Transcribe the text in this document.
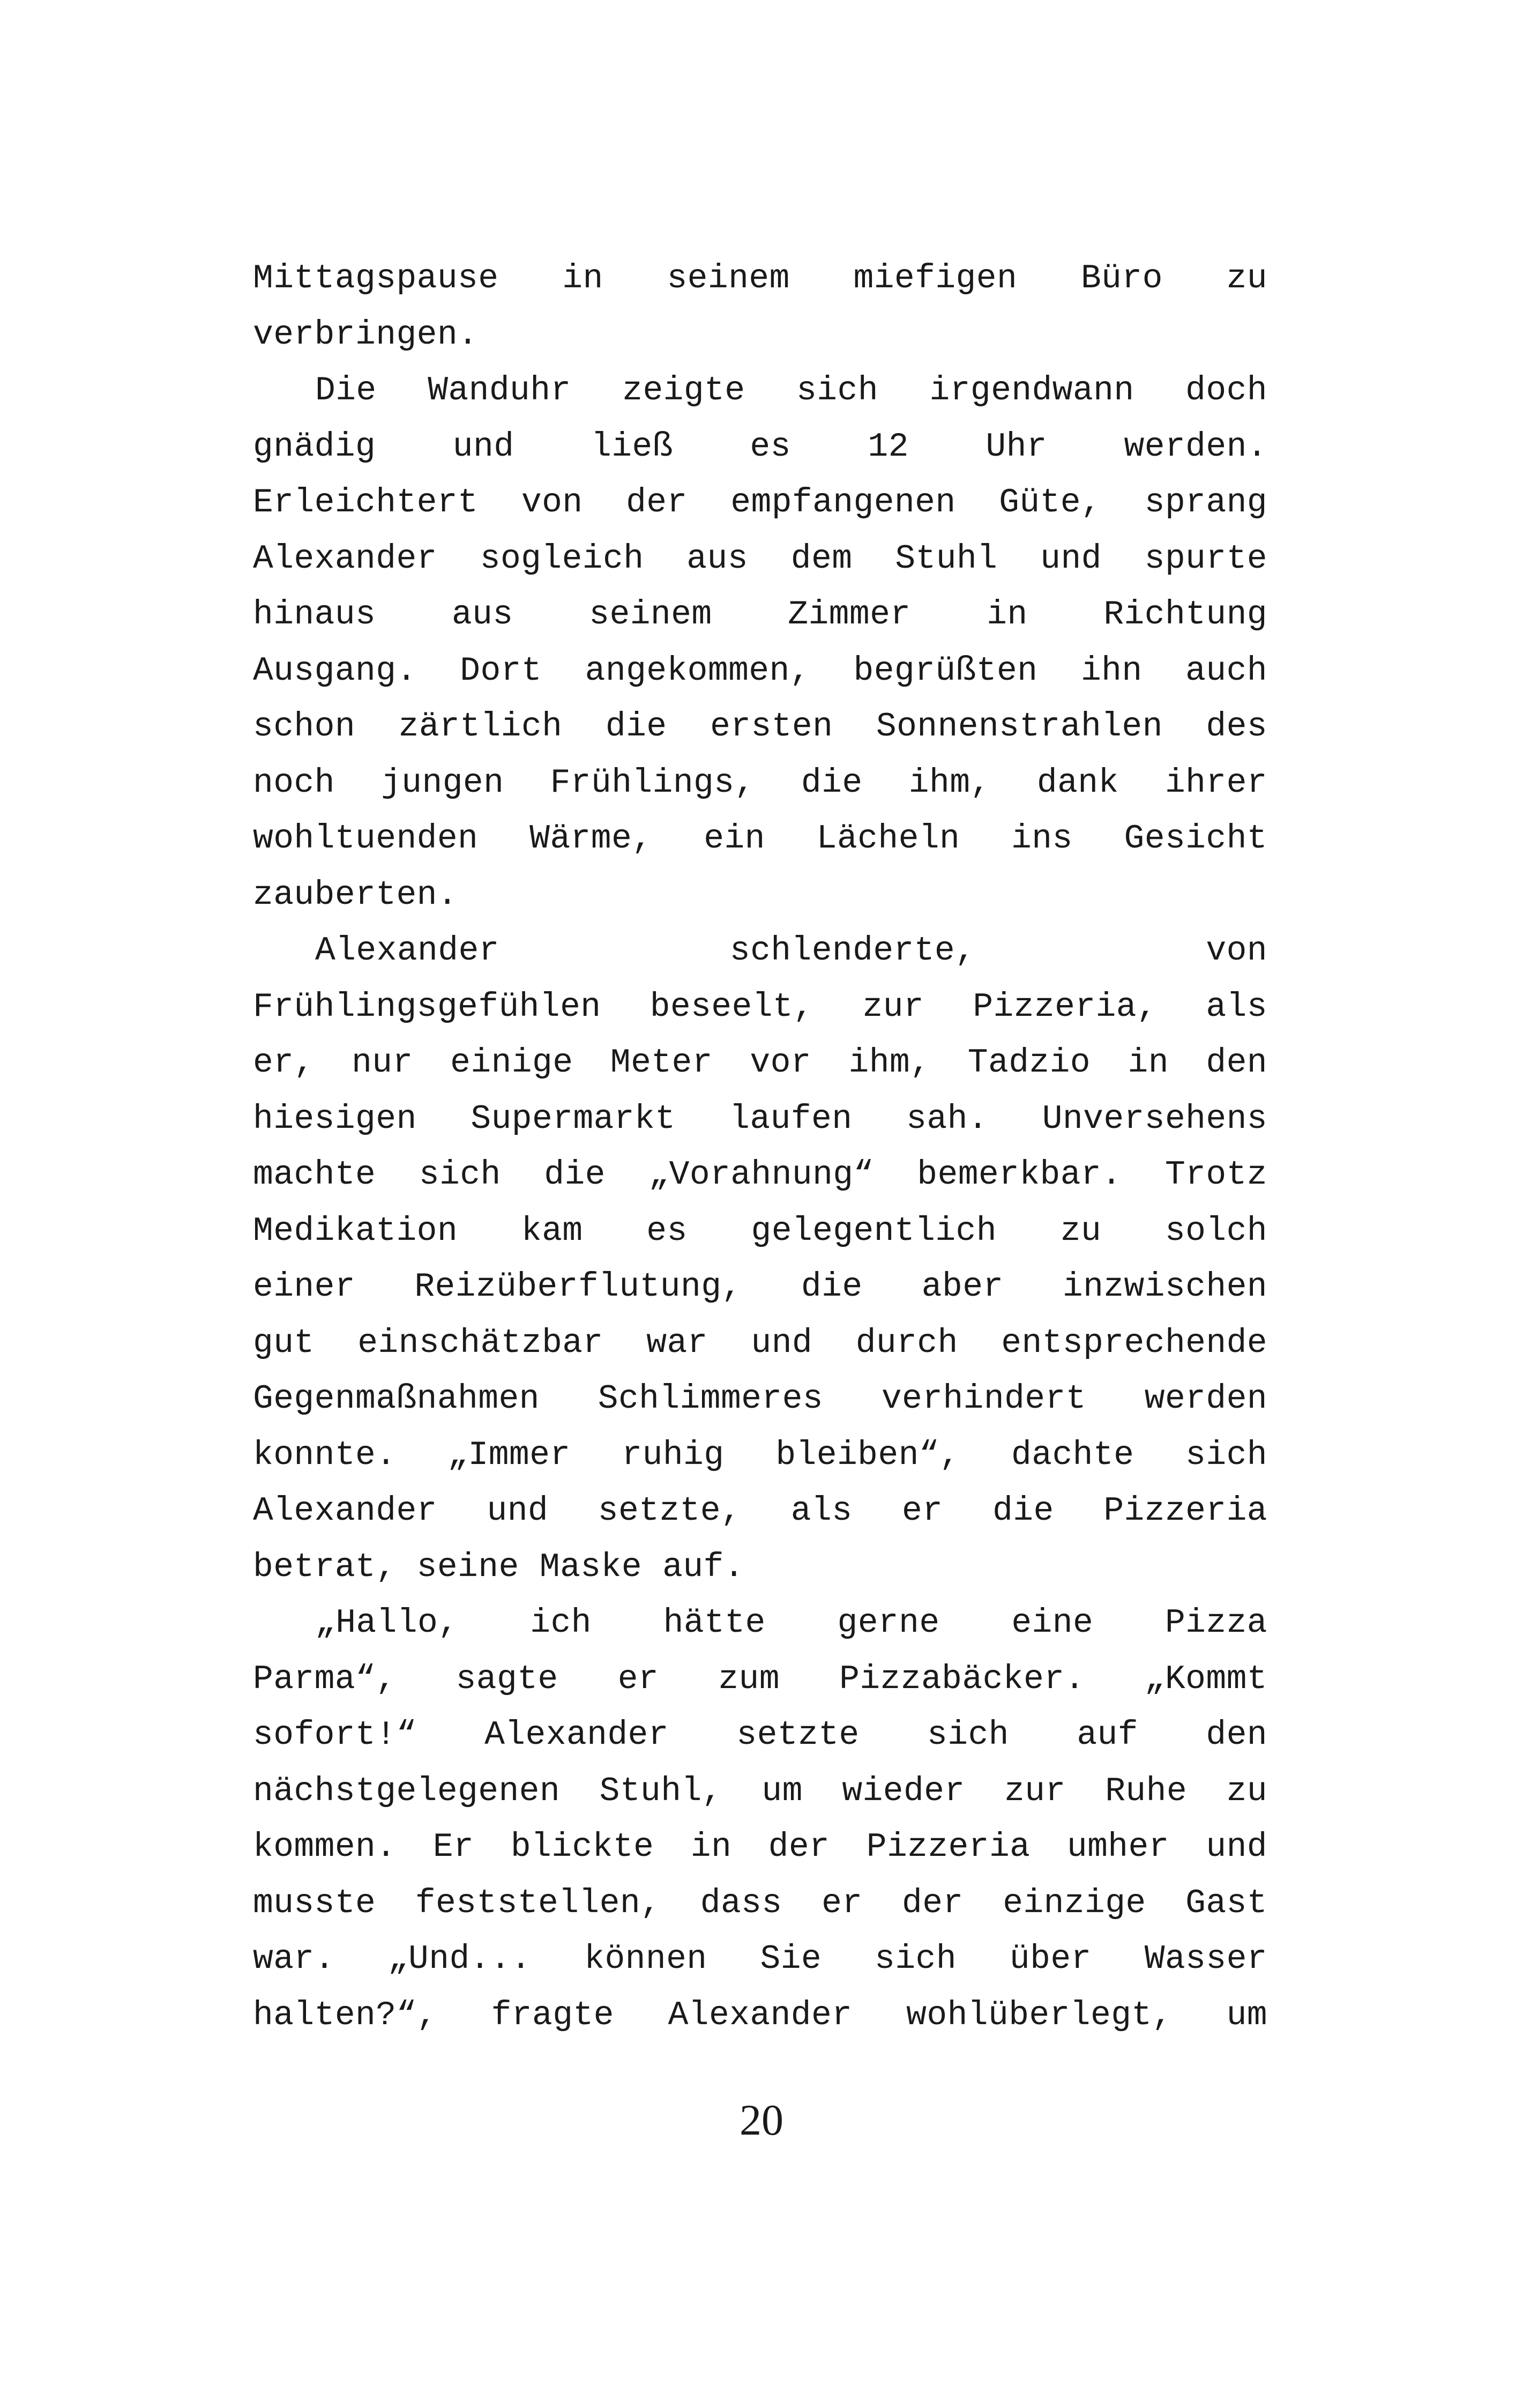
Mittagspause in seinem miefigen Büro zu
verbringen.
Die Wanduhr zeigte sich irgendwann doch
gnädig und ließ es 12 Uhr werden.
Erleichtert von der empfangenen Güte, sprang
Alexander sogleich aus dem Stuhl und spurte
hinaus aus seinem Zimmer in Richtung
Ausgang. Dort angekommen, begrüßten ihn auch
schon zärtlich die ersten Sonnenstrahlen des
noch jungen Frühlings, die ihm, dank ihrer
wohltuenden Wärme, ein Lächeln ins Gesicht
zauberten.
Alexander schlenderte, von
Frühlingsgefühlen beseelt, zur Pizzeria, als
er, nur einige Meter vor ihm, Tadzio in den
hiesigen Supermarkt laufen sah. Unversehens
machte sich die „Vorahnung“ bemerkbar. Trotz
Medikation kam es gelegentlich zu solch
einer Reizüberflutung, die aber inzwischen
gut einschätzbar war und durch entsprechende
Gegenmaßnahmen Schlimmeres verhindert werden
konnte. „Immer ruhig bleiben“, dachte sich
Alexander und setzte, als er die Pizzeria
betrat, seine Maske auf.
„Hallo, ich hätte gerne eine Pizza
Parma“, sagte er zum Pizzabäcker. „Kommt
sofort!“ Alexander setzte sich auf den
nächstgelegenen Stuhl, um wieder zur Ruhe zu
kommen. Er blickte in der Pizzeria umher und
musste feststellen, dass er der einzige Gast
war. „Und... können Sie sich über Wasser
halten?“, fragte Alexander wohlüberlegt, um
20
